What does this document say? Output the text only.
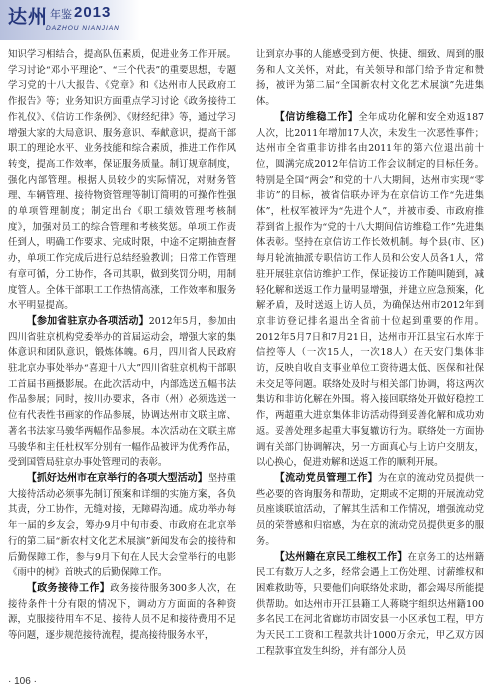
达州 年鉴 2013
DAZHOU NIANJIAN

知识学习相结合，提高队伍素质，促进业务工作开展。学习讨论“邓小平理论”、“三个代表”的重要思想，专题学习党的十八大报告、《党章》和《达州市人民政府工作报告》等；业务知识方面重点学习讨论《政务接待工作礼仪》、《信访工作条例》、《财经纪律》等，通过学习增强大家的大局意识、服务意识、奉献意识，提高干部职工的理论水平、业务技能和综合素质，推进工作作风转变，提高工作效率，保证服务质量。制订规章制度，强化内部管理。根据人员较少的实际情况，对财务管理、车辆管理、接待物资管理等制订简明的可操作性强的单项管理制度；制定出台《职工绩效管理考核制度》，加强对员工的综合管理和考核奖惩。单项工作责任到人，明确工作要求、完成时限，中途不定期抽查督办，单项工作完成后进行总结经验教训；日常工作管理有章可循，分工协作，各司其职，做到奖罚分明，用制度管人。全体干部职工工作热情高涨，工作效率和服务水平明显提高。

【参加省驻京办各项活动】2012年5月，参加由四川省驻京机构党委举办的首届运动会，增强大家的集体意识和团队意识，锻炼体魄。6月，四川省人民政府驻北京办事处举办“喜迎十八大”四川省驻京机构干部职工首届书画摄影展。在此次活动中，内部选送五幅书法作品参展；同时，按川办要求，各市（州）必须选送一位有代表性书画家的作品参展，协调达州市文联主席、著名书法家马骏华两幅作品参展。本次活动在文联主席马骏华和主任杜权军分别有一幅作品被评为优秀作品，受到国管局驻京办事处管理司的表彰。

【抓好达州市在京举行的各项大型活动】坚持重大接待活动必须事先制订预案和详细的实施方案，各负其责，分工协作，无缝对接，无障碍沟通。成功举办每年一届的乡友会，筹办9月中旬市委、市政府在北京举行的第二届“新农村文化艺术展演”新闻发布会的接待和后勤保障工作，参与9月下旬在人民大会堂举行的电影《雨中的树》首映式的后勤保障工作。

【政务接待工作】政务接待服务300多人次，在接待条件十分有限的情况下，调动方方面面的各种资源，克服接待用车不足、接待人员不足和接待费用不足等问题，逐步规范接待流程，提高接待服务水平，

让到京办事的人能感受到方便、快捷、细致、周到的服务和人文关怀，对此，有关领导和部门给予肯定和赞扬，被评为第二届“全国新农村文化艺术展演”先进集体。

【信访维稳工作】全年成功化解和安全劝返187人次，比2011年增加17人次，未发生一次恶性事件；达州市全省重非访排名由2011年的第六位退出前十位，圆满完成2012年信访工作会议制定的目标任务。特别是全国“两会”和党的十八大期间，达州市实现“零非访”的目标，被省信联办评为在京信访工作“先进集体”，杜权军被评为“先进个人”，并被市委、市政府推荐到省上报作为“党的十八大期间信访维稳工作”先进集体表彰。坚持在京信访工作长效机制。每个县(市、区)每月轮流抽派专职信访工作人员和公安人员各1人，常驻开展驻京信访维护工作，保证接访工作随叫随到，减轻化解和送返工作力量明显增强，并建立应急预案，化解矛盾，及时送返上访人员，为确保达州市2012年到京非访登记排名退出全省前十位起到重要的作用。2012年5月7日和7月21日，达州市开江县宝石水库于信控等人（一次15人，一次18人）在天安门集体非访，反映自收自支事业单位工资待遇太低、医保和社保未交足等问题。联络处及时与相关部门协调，将这两次集访和非访化解在外围。将入接回联络处开做好稳控工作，两超重大进京集体非访活动得到妥善化解和成功劝返。妥善处理多起重大事复辙访行为。联络处一方面协调有关部门协调解决，另一方面真心与上访户交朋友，以心换心，促进劝解和送返工作的顺利开展。

【流动党员管理工作】为在京的流动党员提供一些必要的咨询服务和帮助，定期或不定期的开展流动党员座谈联谊活动，了解其生活和工作情况，增强流动党员的荣誉感和归宿感，为在京的流动党员提供更多的服务。

【达州籍在京民工维权工作】在京务工的达州籍民工有数万人之多，经常会遇上工伤处理、讨薪维权和困难救助等，只要他们向联络处求助，都会竭尽所能提供帮助。如达州市开江县籍工人蒋晓宇组织达州籍100多名民工在河北省廊坊市固安县一小区承包工程，甲方为天民工工资和工程款共计1000万余元，甲乙双方因工程款事宜发生纠纷，并有部分人员

· 106 ·
